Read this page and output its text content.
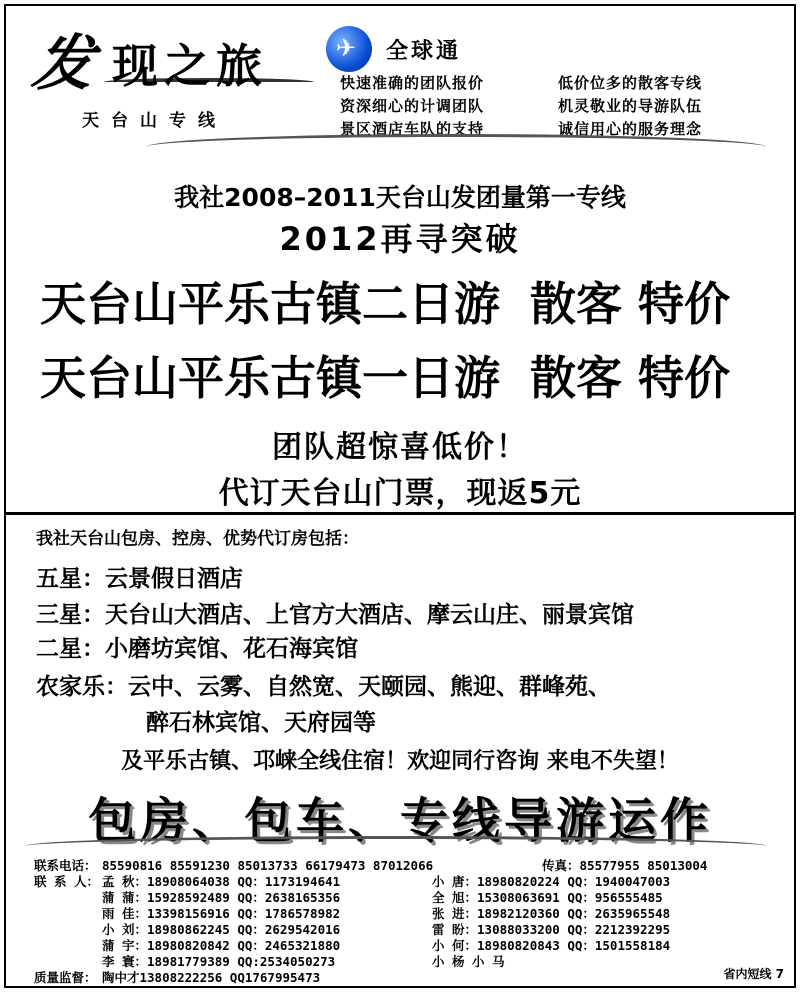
发 现之旅
天台山专线
✈
全球通
快速准确的团队报价	低价位多的散客专线
资深细心的计调团队	机灵敬业的导游队伍
景区酒店车队的支持	诚信用心的服务理念
我社2008–2011天台山发团量第一专线
2012再寻突破
天台山平乐古镇二日游 散客 特价
天台山平乐古镇一日游 散客 特价
团队超惊喜低价！
代订天台山门票，现返5元
我社天台山包房、控房、优势代订房包括：
五星：云景假日酒店
三星：天台山大酒店、上官方大酒店、摩云山庄、丽景宾馆
二星：小磨坊宾馆、花石海宾馆
农家乐：云中、云雾、自然宽、天颐园、熊迎、群峰苑、
醉石林宾馆、天府园等
及平乐古镇、邛崃全线住宿！欢迎同行咨询 来电不失望！
包房、包车、专线导游运作
联系电话： 85590816 85591230 85013733 66179473 87012066	传真： 85577955 85013004
联 系 人： 孟 秋：18908064038 QQ：1173194641	小 唐：18980820224 QQ：1940047003
蒲 蒲：15928592489 QQ：2638165356	全 旭：15308063691 QQ：956555485
雨 佳：13398156916 QQ：1786578982	张 进：18982120360 QQ：2635965548
小 刘：18980862245 QQ：2629542016	雷 盼：13088033200 QQ：2212392295
蒲 宇：18980820842 QQ：2465321880	小 何：18980820843 QQ：1501558184
李 寰：18981779389 QQ:2534050273	小 杨 小 马
质量监督： 陶中才13808222256 QQ1767995473	省内短线 7
